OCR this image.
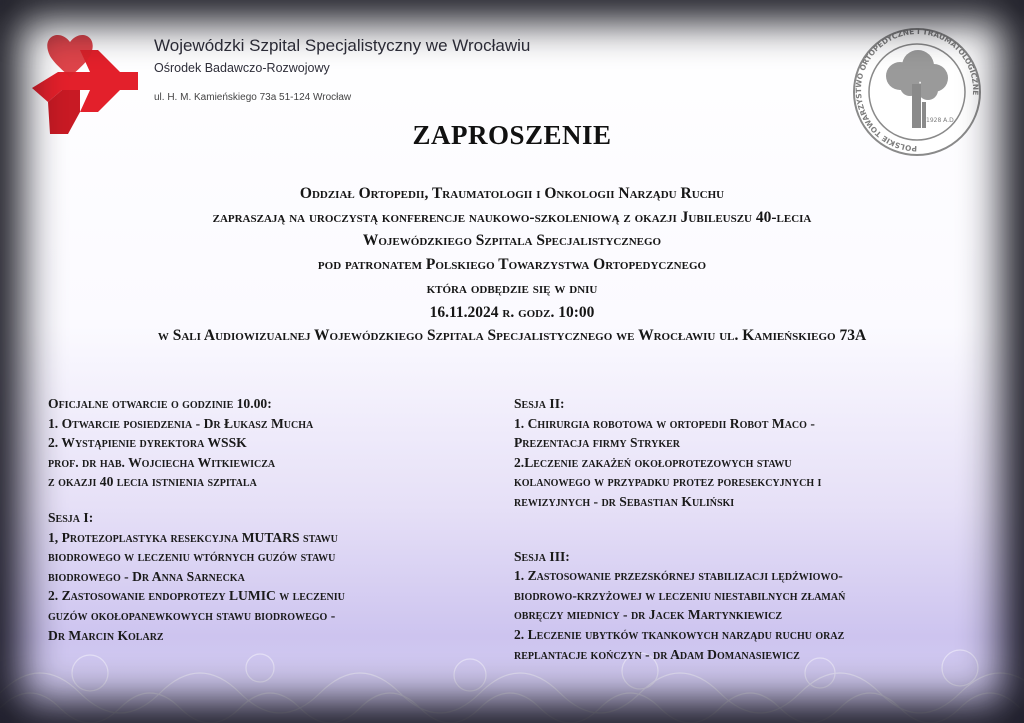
Wojewódzki Szpital Specjalistyczny we Wrocławiu
Ośrodek Badawczo-Rozwojowy
ul. H. M. Kamieńskiego 73a 51-124 Wrocław
POLSKIE TOWARZYSTWO ORTOPEDYCZNE I TRAUMATOLOGICZNE
1928 A.D.
ZAPROSZENIE
Oddział Ortopedii, Traumatologii i Onkologii Narządu Ruchu
zapraszają na uroczystą konferencje naukowo-szkoleniową z okazji Jubileuszu 40-lecia
Wojewódzkiego Szpitala Specjalistycznego
pod patronatem Polskiego Towarzystwa Ortopedycznego
która odbędzie się w dniu
16.11.2024 r. godz. 10:00
w Sali Audiowizualnej Wojewódzkiego Szpitala Specjalistycznego we Wrocławiu ul. Kamieńskiego 73A
Oficjalne otwarcie o godzinie 10.00:
1. Otwarcie posiedzenia - Dr Łukasz Mucha
2. Wystąpienie dyrektora WSSK
prof. dr hab. Wojciecha Witkiewicza
z okazji 40 lecia istnienia szpitala
Sesja I:
1, Protezoplastyka resekcyjna MUTARS stawu
biodrowego w leczeniu wtórnych guzów stawu
biodrowego - Dr Anna Sarnecka
2. Zastosowanie endoprotezy LUMIC w leczeniu
guzów okołopanewkowych stawu biodrowego -
Dr Marcin Kolarz
Sesja II:
1. Chirurgia robotowa w ortopedii Robot Maco -
Prezentacja firmy Stryker
2.Leczenie zakażeń okołoprotezowych stawu
kolanowego w przypadku protez poresekcyjnych i
rewizyjnych - dr Sebastian Kuliński
Sesja III:
1. Zastosowanie przezskórnej stabilizacji lędźwiowo-
biodrowo-krzyżowej w leczeniu niestabilnych złamań
obręczy miednicy - dr Jacek Martynkiewicz
2. Leczenie ubytków tkankowych narządu ruchu oraz
replantacje kończyn - dr Adam Domanasiewicz
